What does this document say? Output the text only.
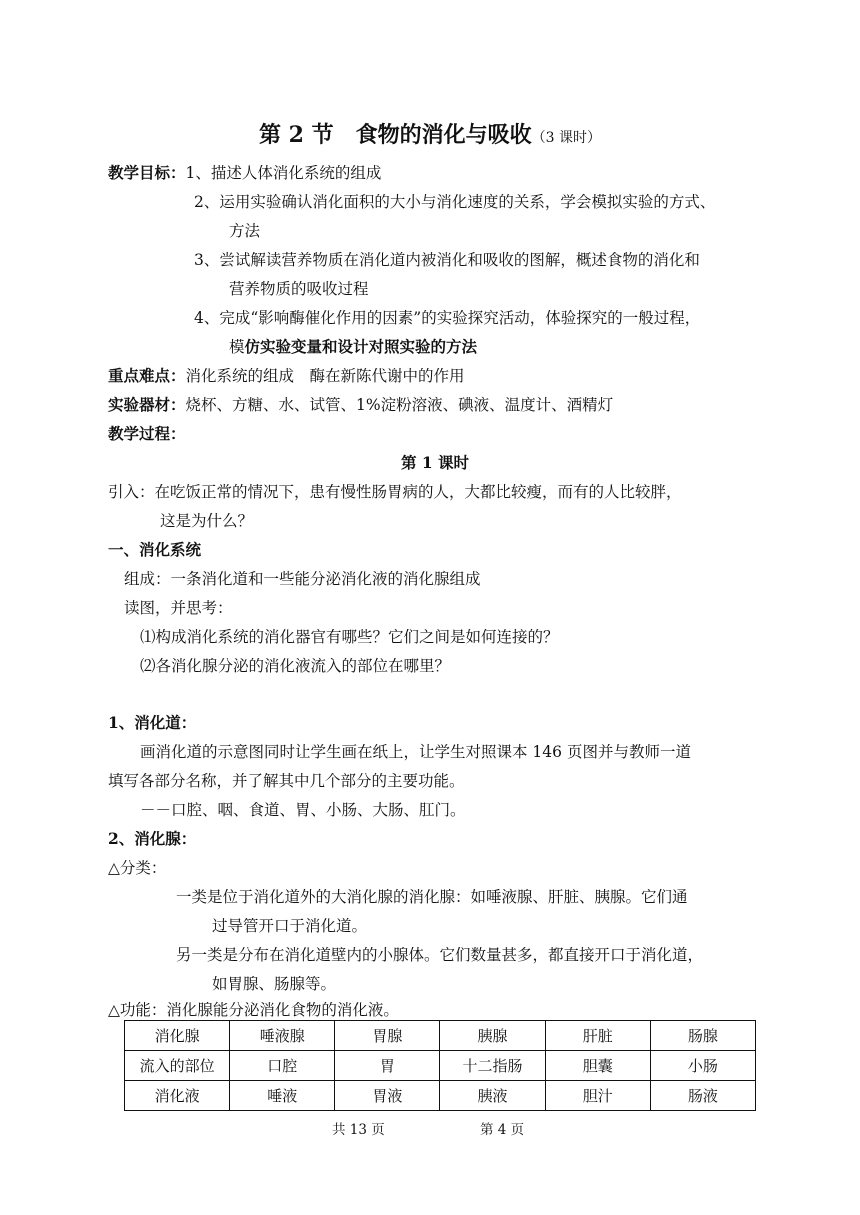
第 2 节　食物的消化与吸收（3 课时）
教学目标：1、描述人体消化系统的组成
2、运用实验确认消化面积的大小与消化速度的关系，学会模拟实验的方式、
方法
3、尝试解读营养物质在消化道内被消化和吸收的图解，概述食物的消化和
营养物质的吸收过程
4、完成“影响酶催化作用的因素”的实验探究活动，体验探究的一般过程，
模仿实验变量和设计对照实验的方法
重点难点：消化系统的组成　酶在新陈代谢中的作用
实验器材：烧杯、方糖、水、试管、1%淀粉溶液、碘液、温度计、酒精灯
教学过程：
第 1 课时
引入：在吃饭正常的情况下，患有慢性肠胃病的人，大都比较瘦，而有的人比较胖，
这是为什么？
一、消化系统
组成：一条消化道和一些能分泌消化液的消化腺组成
读图，并思考：
⑴构成消化系统的消化器官有哪些？它们之间是如何连接的？
⑵各消化腺分泌的消化液流入的部位在哪里？
1、消化道：
画消化道的示意图同时让学生画在纸上，让学生对照课本 146 页图并与教师一道
填写各部分名称，并了解其中几个部分的主要功能。
－－口腔、咽、食道、胃、小肠、大肠、肛门。
2、消化腺：
△分类：
一类是位于消化道外的大消化腺的消化腺：如唾液腺、肝脏、胰腺。它们通
过导管开口于消化道。
另一类是分布在消化道壁内的小腺体。它们数量甚多，都直接开口于消化道，
如胃腺、肠腺等。
△功能：消化腺能分泌消化食物的消化液。
消化腺	唾液腺	胃腺	胰腺	肝脏	肠腺
流入的部位	口腔	胃	十二指肠	胆囊	小肠
消化液	唾液	胃液	胰液	胆汁	肠液
共 13 页	第 4 页
